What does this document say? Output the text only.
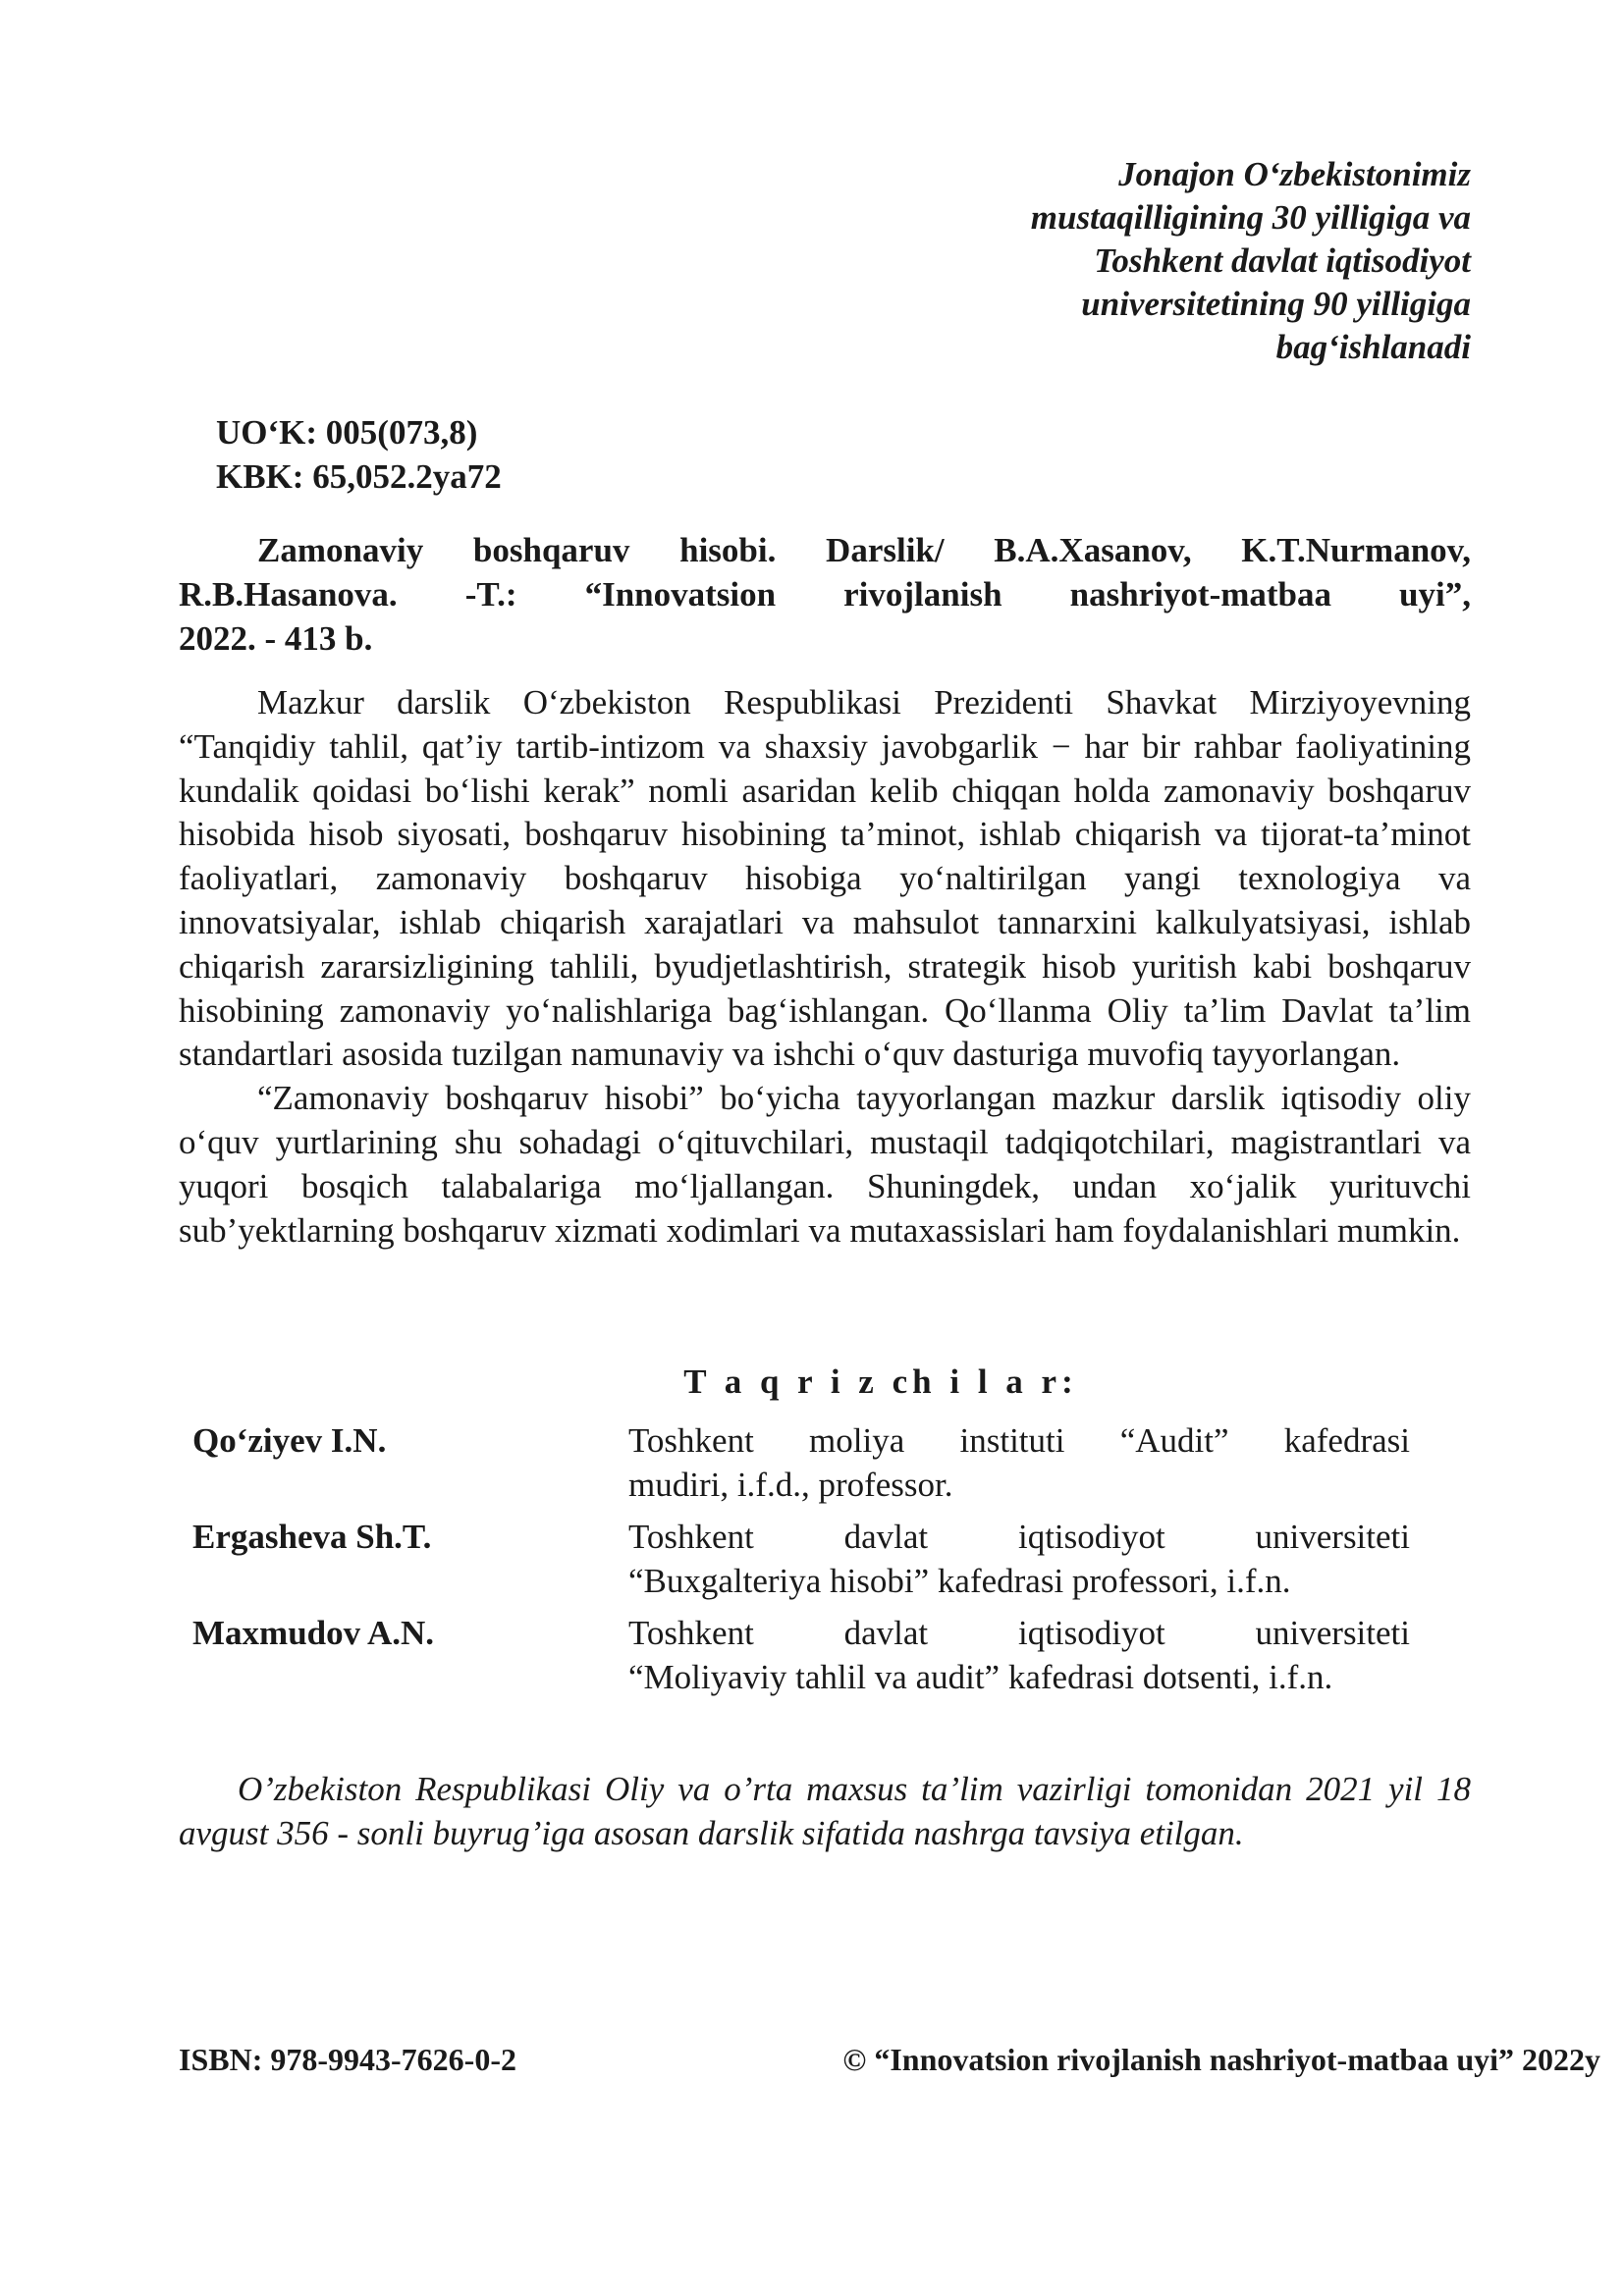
Jonajon O‘zbekistonimiz
mustaqilligining 30 yilligiga va
Toshkent davlat iqtisodiyot
universitetining 90 yilligiga
bag‘ishlanadi
UO‘K: 005(073,8)
KBK: 65,052.2ya72
Zamonaviy boshqaruv hisobi. Darslik/ B.A.Xasanov, K.T.Nurmanov,
R.B.Hasanova. -T.: “Innovatsion rivojlanish nashriyot-matbaa uyi”,
2022. - 413 b.

Mazkur darslik O‘zbekiston Respublikasi Prezidenti Shavkat Mirziyoyevning “Tanqidiy tahlil, qat’iy tartib-intizom va shaxsiy javobgarlik − har bir rahbar faoliyatining kundalik qoidasi bo‘lishi kerak” nomli asaridan kelib chiqqan holda zamonaviy boshqaruv hisobida hisob siyosati, boshqaruv hisobining ta’minot, ishlab chiqarish va tijorat-ta’minot faoliyatlari, zamonaviy boshqaruv hisobiga yo‘naltirilgan yangi texnologiya va innovatsiyalar, ishlab chiqarish xarajatlari va mahsulot tannarxini kalkulyatsiyasi, ishlab chiqarish zararsizligining tahlili, byudjetlashtirish, strategik hisob yuritish kabi boshqaruv hisobining zamonaviy yo‘nalishlariga bag‘ishlangan. Qo‘llanma Oliy ta’lim Davlat ta’lim standartlari asosida tuzilgan namunaviy va ishchi o‘quv dasturiga muvofiq tayyorlangan.

“Zamonaviy boshqaruv hisobi” bo‘yicha tayyorlangan mazkur darslik iqtisodiy oliy o‘quv yurtlarining shu sohadagi o‘qituvchilari, mustaqil tadqiqotchilari, magistrantlari va yuqori bosqich talabalariga mo‘ljallangan. Shuningdek, undan xo‘jalik yurituvchi sub’yektlarning boshqaruv xizmati xodimlari va mutaxassislari ham foydalanishlari mumkin.

T a q r i z ch i l a r:
Qo‘ziyev I.N.	Toshkent moliya instituti “Audit” kafedrasi
mudiri, i.f.d., professor.
Ergasheva Sh.T.	Toshkent davlat iqtisodiyot universiteti
“Buxgalteriya hisobi” kafedrasi professori, i.f.n.
Maxmudov A.N.	Toshkent davlat iqtisodiyot universiteti
“Moliyaviy tahlil va audit” kafedrasi dotsenti, i.f.n.
O’zbekiston Respublikasi Oliy va o’rta maxsus ta’lim vazirligi tomonidan 2021 yil 18 avgust 356 - sonli buyrug’iga asosan darslik sifatida nashrga tavsiya etilgan.
ISBN: 978-9943-7626-0-2	© “Innovatsion rivojlanish nashriyot-matbaa uyi” 2022y
